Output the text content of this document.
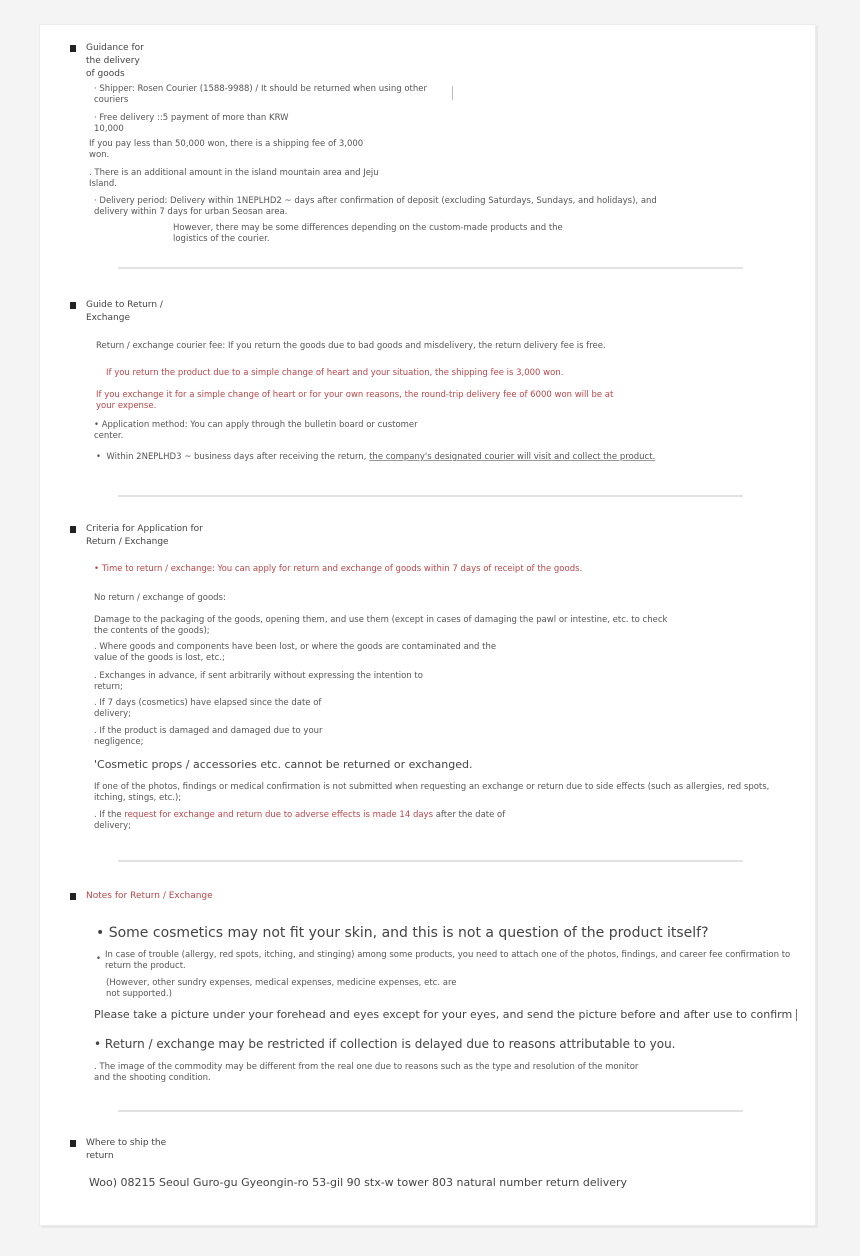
Guidance for
the delivery
of goods
· Shipper: Rosen Courier (1588-9988) / It should be returned when using other
couriers
· Free delivery ::5 payment of more than KRW
10,000
If you pay less than 50,000 won, there is a shipping fee of 3,000
won.
. There is an additional amount in the island mountain area and Jeju
Island.
· Delivery period: Delivery within 1NEPLHD2 ~ days after confirmation of deposit (excluding Saturdays, Sundays, and holidays), and
delivery within 7 days for urban Seosan area.
However, there may be some differences depending on the custom-made products and the
logistics of the courier.
Guide to Return /
Exchange
Return / exchange courier fee: If you return the goods due to bad goods and misdelivery, the return delivery fee is free.
If you return the product due to a simple change of heart and your situation, the shipping fee is 3,000 won.
If you exchange it for a simple change of heart or for your own reasons, the round-trip delivery fee of 6000 won will be at
your expense.
• Application method: You can apply through the bulletin board or customer
center.
•  Within 2NEPLHD3 ~ business days after receiving the return, the company's designated courier will visit and collect the product.
Criteria for Application for
Return / Exchange
• Time to return / exchange: You can apply for return and exchange of goods within 7 days of receipt of the goods.
No return / exchange of goods:
Damage to the packaging of the goods, opening them, and use them (except in cases of damaging the pawl or intestine, etc. to check
the contents of the goods);
. Where goods and components have been lost, or where the goods are contaminated and the
value of the goods is lost, etc.;
. Exchanges in advance, if sent arbitrarily without expressing the intention to
return;
. If 7 days (cosmetics) have elapsed since the date of
delivery;
. If the product is damaged and damaged due to your
negligence;
'Cosmetic props / accessories etc. cannot be returned or exchanged.
If one of the photos, findings or medical confirmation is not submitted when requesting an exchange or return due to side effects (such as allergies, red spots,
itching, stings, etc.);
. If the request for exchange and return due to adverse effects is made 14 days after the date of
delivery;
Notes for Return / Exchange
• Some cosmetics may not fit your skin, and this is not a question of the product itself?
• In case of trouble (allergy, red spots, itching, and stinging) among some products, you need to attach one of the photos, findings, and career fee confirmation to
return the product.
(However, other sundry expenses, medical expenses, medicine expenses, etc. are
not supported.)
Please take a picture under your forehead and eyes except for your eyes, and send the picture before and after use to confirm
• Return / exchange may be restricted if collection is delayed due to reasons attributable to you.
. The image of the commodity may be different from the real one due to reasons such as the type and resolution of the monitor
and the shooting condition.
Where to ship the
return
Woo) 08215 Seoul Guro-gu Gyeongin-ro 53-gil 90 stx-w tower 803 natural number return delivery
